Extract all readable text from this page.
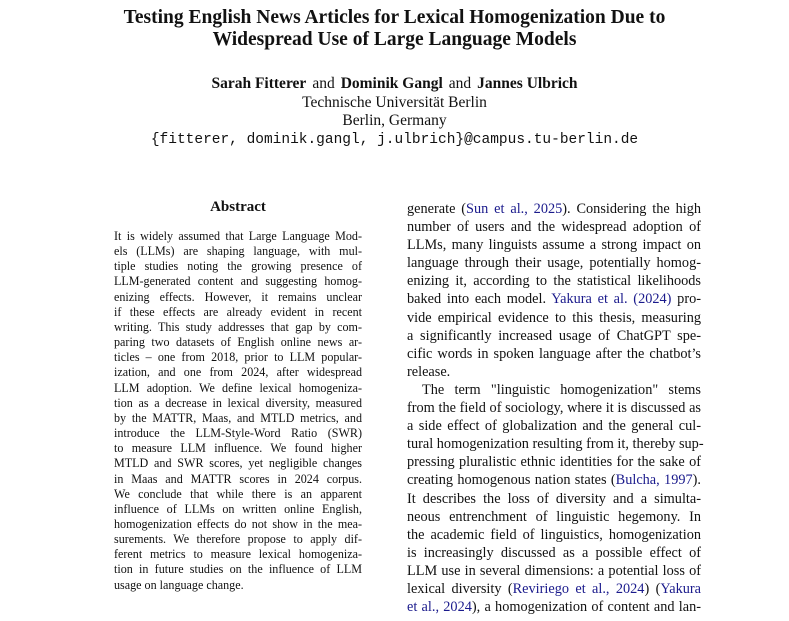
Testing English News Articles for Lexical Homogenization Due to
Widespread Use of Large Language Models
Sarah Fitterer and Dominik Gangl and Jannes Ulbrich
Technische Universität Berlin
Berlin, Germany
{fitterer, dominik.gangl, j.ulbrich}@campus.tu-berlin.de
Abstract
It is widely assumed that Large Language Mod-
els (LLMs) are shaping language, with mul-
tiple studies noting the growing presence of
LLM-generated content and suggesting homog-
enizing effects. However, it remains unclear
if these effects are already evident in recent
writing. This study addresses that gap by com-
paring two datasets of English online news ar-
ticles – one from 2018, prior to LLM popular-
ization, and one from 2024, after widespread
LLM adoption. We define lexical homogeniza-
tion as a decrease in lexical diversity, measured
by the MATTR, Maas, and MTLD metrics, and
introduce the LLM-Style-Word Ratio (SWR)
to measure LLM influence. We found higher
MTLD and SWR scores, yet negligible changes
in Maas and MATTR scores in 2024 corpus.
We conclude that while there is an apparent
influence of LLMs on written online English,
homogenization effects do not show in the mea-
surements. We therefore propose to apply dif-
ferent metrics to measure lexical homogeniza-
tion in future studies on the influence of LLM
usage on language change.
generate (Sun et al., 2025). Considering the high
number of users and the widespread adoption of
LLMs, many linguists assume a strong impact on
language through their usage, potentially homog-
enizing it, according to the statistical likelihoods
baked into each model. Yakura et al. (2024) pro-
vide empirical evidence to this thesis, measuring
a significantly increased usage of ChatGPT spe-
cific words in spoken language after the chatbot’s
release.
The term "linguistic homogenization" stems
from the field of sociology, where it is discussed as
a side effect of globalization and the general cul-
tural homogenization resulting from it, thereby sup-
pressing pluralistic ethnic identities for the sake of
creating homogenous nation states (Bulcha, 1997).
It describes the loss of diversity and a simulta-
neous entrenchment of linguistic hegemony. In
the academic field of linguistics, homogenization
is increasingly discussed as a possible effect of
LLM use in several dimensions: a potential loss of
lexical diversity (Reviriego et al., 2024) (Yakura
et al., 2024), a homogenization of content and lan-
